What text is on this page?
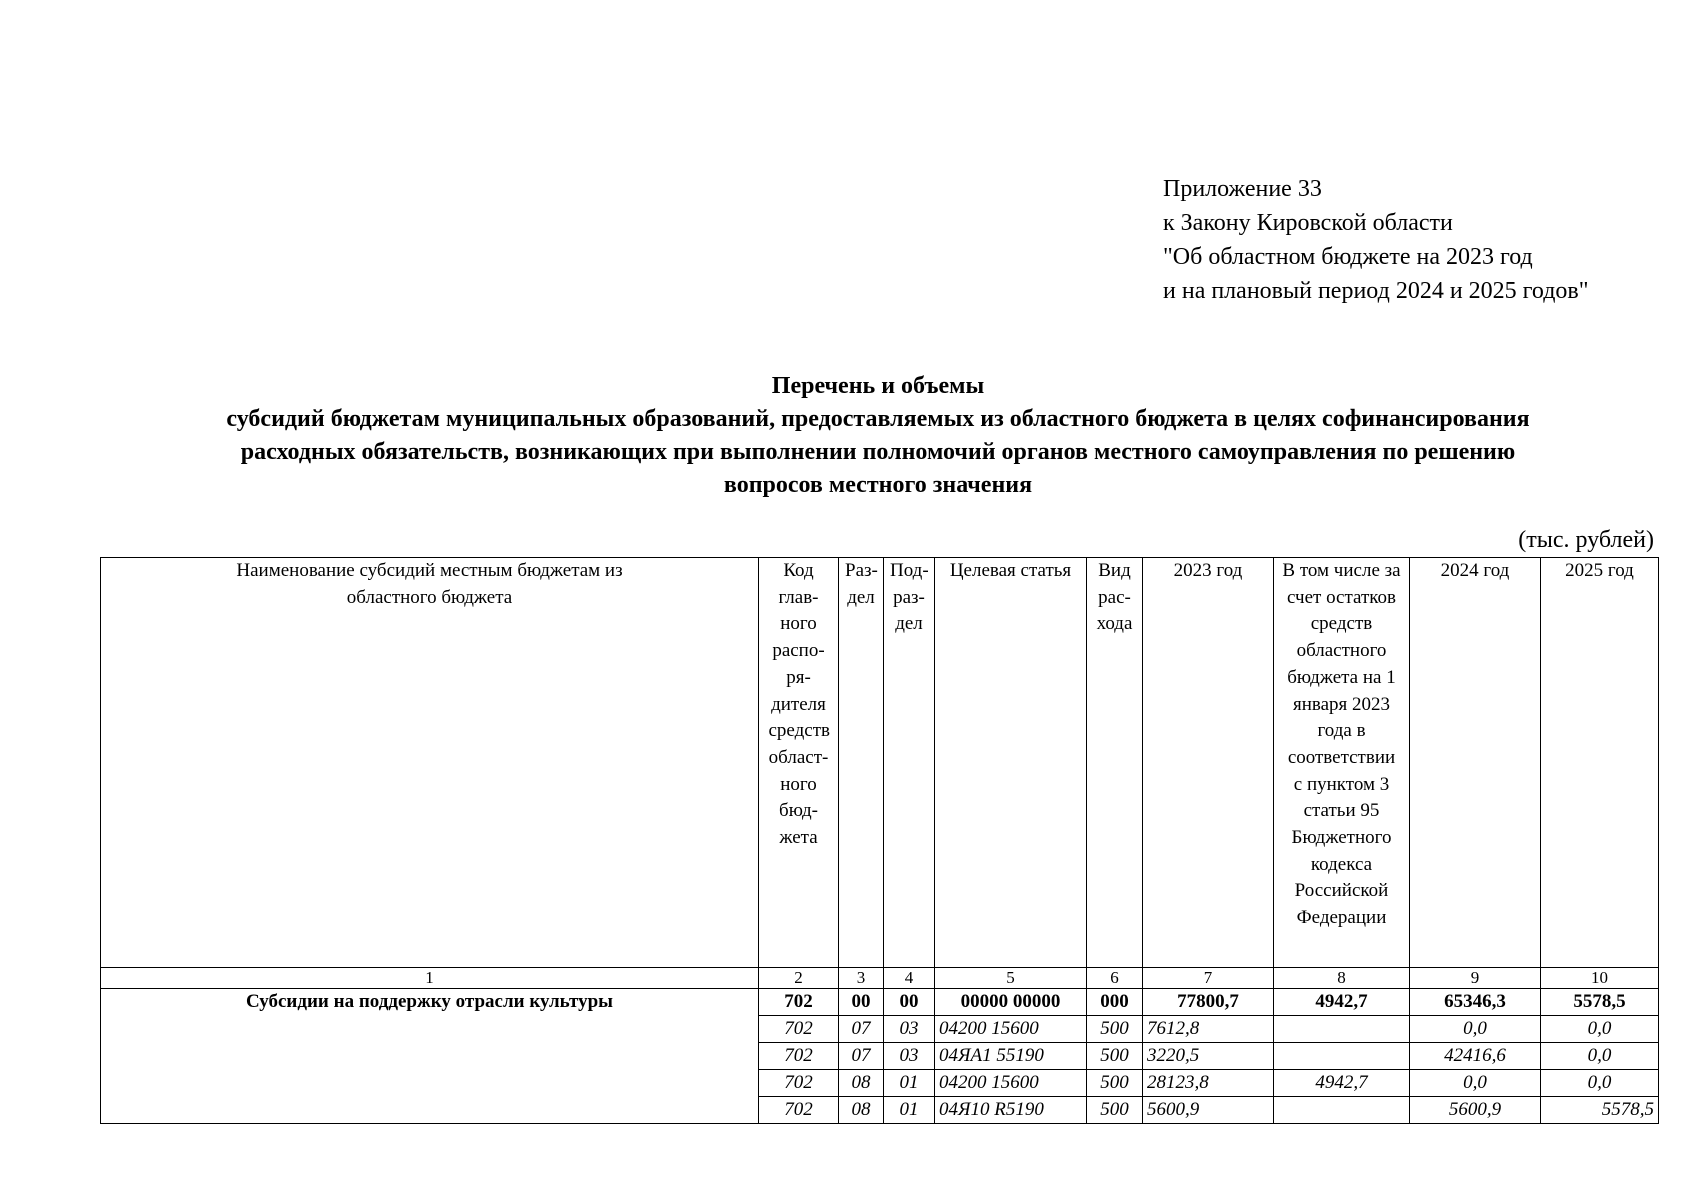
Приложение 33
к Закону Кировской области
"Об областном бюджете на 2023 год
и на плановый период 2024 и 2025 годов"
Перечень и объемы
субсидий бюджетам муниципальных образований, предоставляемых из областного бюджета в целях софинансирования
расходных обязательств, возникающих при выполнении полномочий органов местного самоуправления по решению
вопросов местного значения
(тыс. рублей)
Наименование субсидий местным бюджетам из областного бюджета	Код глав- ного распо- ря- дителя средств област- ного бюд- жета	Раз- дел	Под- раз- дел	Целевая статья	Вид рас- хода	2023 год	В том числе за счет остатков средств областного бюджета на 1 января 2023 года в соответствии с пунктом 3 статьи 95 Бюджетного кодекса Российской Федерации	2024 год	2025 год
1	2	3	4	5	6	7	8	9	10
Субсидии на поддержку отрасли культуры	702	00	00	00000 00000	000	77800,7	4942,7	65346,3	5578,5
	702	07	03	04200 15600	500	7612,8		0,0	0,0
	702	07	03	04ЯА1 55190	500	3220,5		42416,6	0,0
	702	08	01	04200 15600	500	28123,8	4942,7	0,0	0,0
	702	08	01	04Я10 R5190	500	5600,9		5600,9	5578,5
